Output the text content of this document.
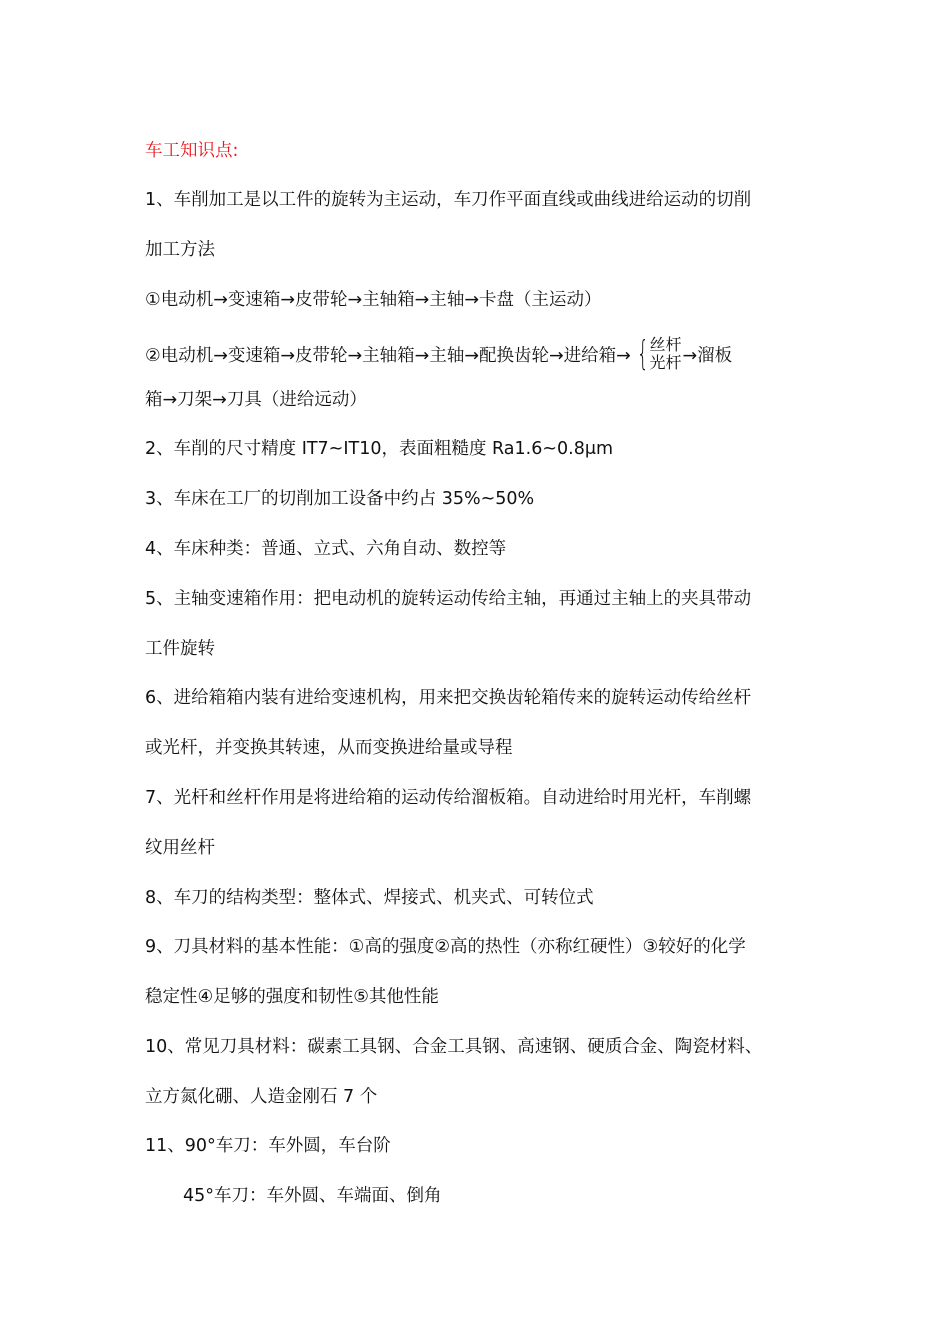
车工知识点:
1、车削加工是以工件的旋转为主运动，车刀作平面直线或曲线进给运动的切削
加工方法
①电动机→变速箱→皮带轮→主轴箱→主轴→卡盘（主运动）
②电动机→变速箱→皮带轮→主轴箱→主轴→配换齿轮→进给箱→ { 丝杆
光杆 →溜板
箱→刀架→刀具（进给远动）
2、车削的尺寸精度 IT7~IT10，表面粗糙度 Ra1.6~0.8μm
3、车床在工厂的切削加工设备中约占 35%~50%
4、车床种类：普通、立式、六角自动、数控等
5、主轴变速箱作用：把电动机的旋转运动传给主轴，再通过主轴上的夹具带动
工件旋转
6、进给箱箱内装有进给变速机构，用来把交换齿轮箱传来的旋转运动传给丝杆
或光杆，并变换其转速，从而变换进给量或导程
7、光杆和丝杆作用是将进给箱的运动传给溜板箱。自动进给时用光杆，车削螺
纹用丝杆
8、车刀的结构类型：整体式、焊接式、机夹式、可转位式
9、刀具材料的基本性能：①高的强度②高的热性（亦称红硬性）③较好的化学
稳定性④足够的强度和韧性⑤其他性能
10、常见刀具材料：碳素工具钢、合金工具钢、高速钢、硬质合金、陶瓷材料、
立方氮化硼、人造金刚石 7 个
11、90°车刀：车外圆，车台阶
45°车刀：车外圆、车端面、倒角
